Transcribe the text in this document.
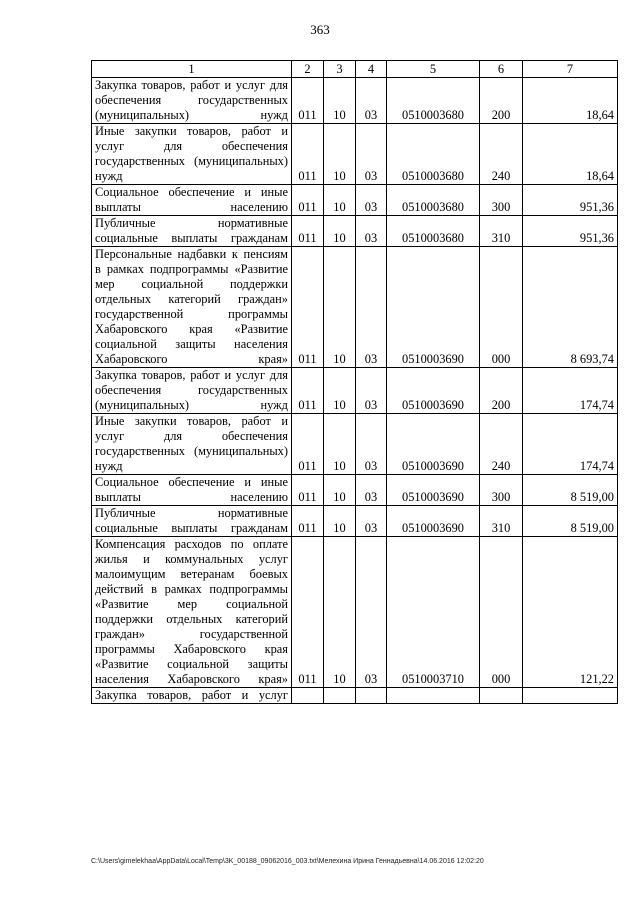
363
1	2	3	4	5	6	7
Закупка товаров, работ и услуг для обеспечения государственных (муниципальных) нужд	011	10	03	0510003680	200	18,64
Иные закупки товаров, работ и услуг для обеспечения государственных (муниципальных) нужд	011	10	03	0510003680	240	18,64
Социальное обеспечение и иные выплаты населению	011	10	03	0510003680	300	951,36
Публичные нормативные социальные выплаты гражданам	011	10	03	0510003680	310	951,36
Персональные надбавки к пенсиям в рамках подпрограммы «Развитие мер социальной поддержки отдельных категорий граждан» государственной программы Хабаровского края «Развитие социальной защиты населения Хабаровского края»	011	10	03	0510003690	000	8 693,74
Закупка товаров, работ и услуг для обеспечения государственных (муниципальных) нужд	011	10	03	0510003690	200	174,74
Иные закупки товаров, работ и услуг для обеспечения государственных (муниципальных) нужд	011	10	03	0510003690	240	174,74
Социальное обеспечение и иные выплаты населению	011	10	03	0510003690	300	8 519,00
Публичные нормативные социальные выплаты гражданам	011	10	03	0510003690	310	8 519,00
Компенсация расходов по оплате жилья и коммунальных услуг малоимущим ветеранам боевых действий в рамках подпрограммы «Развитие мер социальной поддержки отдельных категорий граждан» государственной программы Хабаровского края «Развитие социальной защиты населения Хабаровского края»	011	10	03	0510003710	000	121,22
Закупка товаров, работ и услуг						
C:\Users\gimelekhaa\AppData\Local\Temp\3K_00188_09062016_003.txt\Мелехина Ирина Геннадьевна\14.06.2016 12:02:20
